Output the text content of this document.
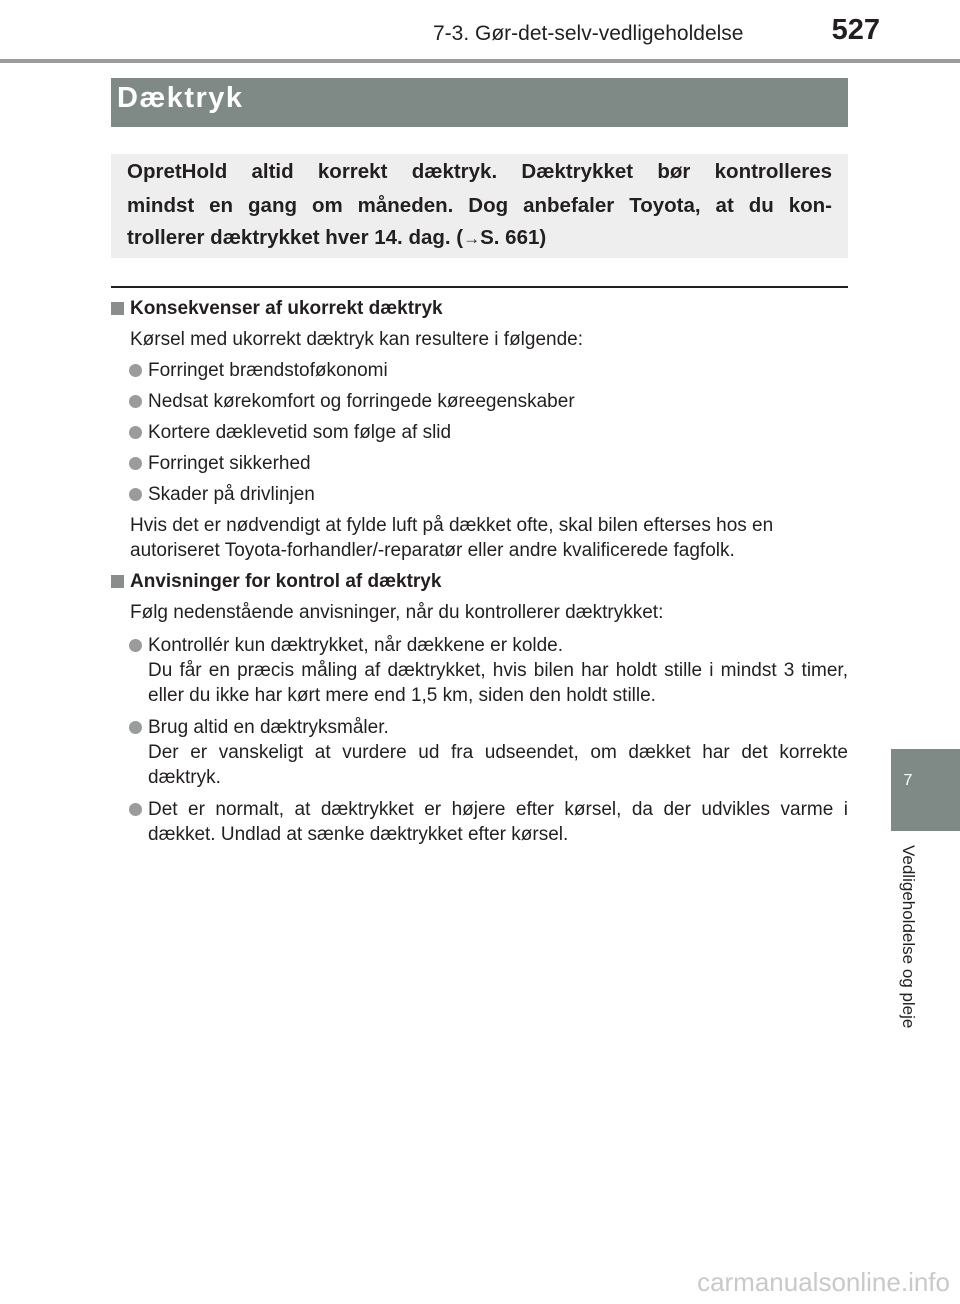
7-3. Gør-det-selv-vedligeholdelse	527
Dæktryk
OpretHold altid korrekt dæktryk. Dæktrykket bør kontrolleres
mindst en gang om måneden. Dog anbefaler Toyota, at du kon-
trollerer dæktrykket hver 14. dag. (→S. 661)
Konsekvenser af ukorrekt dæktryk
Kørsel med ukorrekt dæktryk kan resultere i følgende:
Forringet brændstoføkonomi
Nedsat kørekomfort og forringede køreegenskaber
Kortere dæklevetid som følge af slid
Forringet sikkerhed
Skader på drivlinjen
Hvis det er nødvendigt at fylde luft på dækket ofte, skal bilen efterses hos en autoriseret Toyota-forhandler/-reparatør eller andre kvalificerede fagfolk.
Anvisninger for kontrol af dæktryk
Følg nedenstående anvisninger, når du kontrollerer dæktrykket:
Kontrollér kun dæktrykket, når dækkene er kolde.
Du får en præcis måling af dæktrykket, hvis bilen har holdt stille i mindst 3 timer, eller du ikke har kørt mere end 1,5 km, siden den holdt stille.
Brug altid en dæktryksmåler.
Der er vanskeligt at vurdere ud fra udseendet, om dækket har det korrekte dæktryk.
Det er normalt, at dæktrykket er højere efter kørsel, da der udvikles varme i dækket. Undlad at sænke dæktrykket efter kørsel.
7
Vedligeholdelse og pleje
carmanualsonline.info
